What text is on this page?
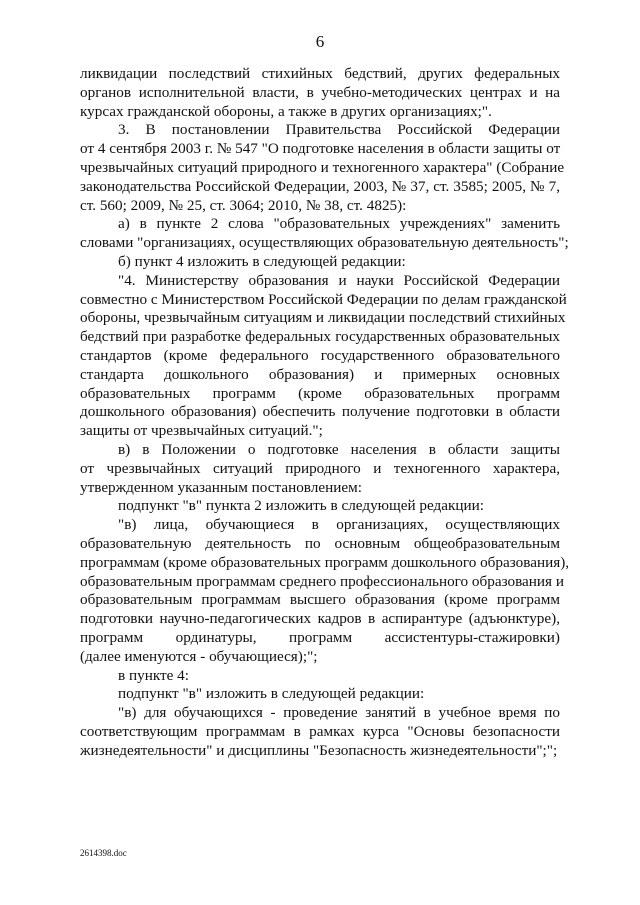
6
ликвидации последствий стихийных бедствий, других федеральных
органов исполнительной власти, в учебно-методических центрах и на
курсах гражданской обороны, а также в других организациях;".
3. В постановлении Правительства Российской Федерации
от 4 сентября 2003 г. № 547 "О подготовке населения в области защиты от
чрезвычайных ситуаций природного и техногенного характера" (Собрание
законодательства Российской Федерации, 2003, № 37, ст. 3585; 2005, № 7,
ст. 560; 2009, № 25, ст. 3064; 2010, № 38, ст. 4825):
а) в пункте 2 слова "образовательных учреждениях" заменить
словами "организациях, осуществляющих образовательную деятельность";
б) пункт 4 изложить в следующей редакции:
"4. Министерству образования и науки Российской Федерации
совместно с Министерством Российской Федерации по делам гражданской
обороны, чрезвычайным ситуациям и ликвидации последствий стихийных
бедствий при разработке федеральных государственных образовательных
стандартов (кроме федерального государственного образовательного
стандарта дошкольного образования) и примерных основных
образовательных программ (кроме образовательных программ
дошкольного образования) обеспечить получение подготовки в области
защиты от чрезвычайных ситуаций.";
в) в Положении о подготовке населения в области защиты
от чрезвычайных ситуаций природного и техногенного характера,
утвержденном указанным постановлением:
подпункт "в" пункта 2 изложить в следующей редакции:
"в) лица, обучающиеся в организациях, осуществляющих
образовательную деятельность по основным общеобразовательным
программам (кроме образовательных программ дошкольного образования),
образовательным программам среднего профессионального образования и
образовательным программам высшего образования (кроме программ
подготовки научно-педагогических кадров в аспирантуре (адъюнктуре),
программ ординатуры, программ ассистентуры-стажировки)
(далее именуются - обучающиеся);";
в пункте 4:
подпункт "в" изложить в следующей редакции:
"в) для обучающихся - проведение занятий в учебное время по
соответствующим программам в рамках курса "Основы безопасности
жизнедеятельности" и дисциплины "Безопасность жизнедеятельности";";
2614398.doc
